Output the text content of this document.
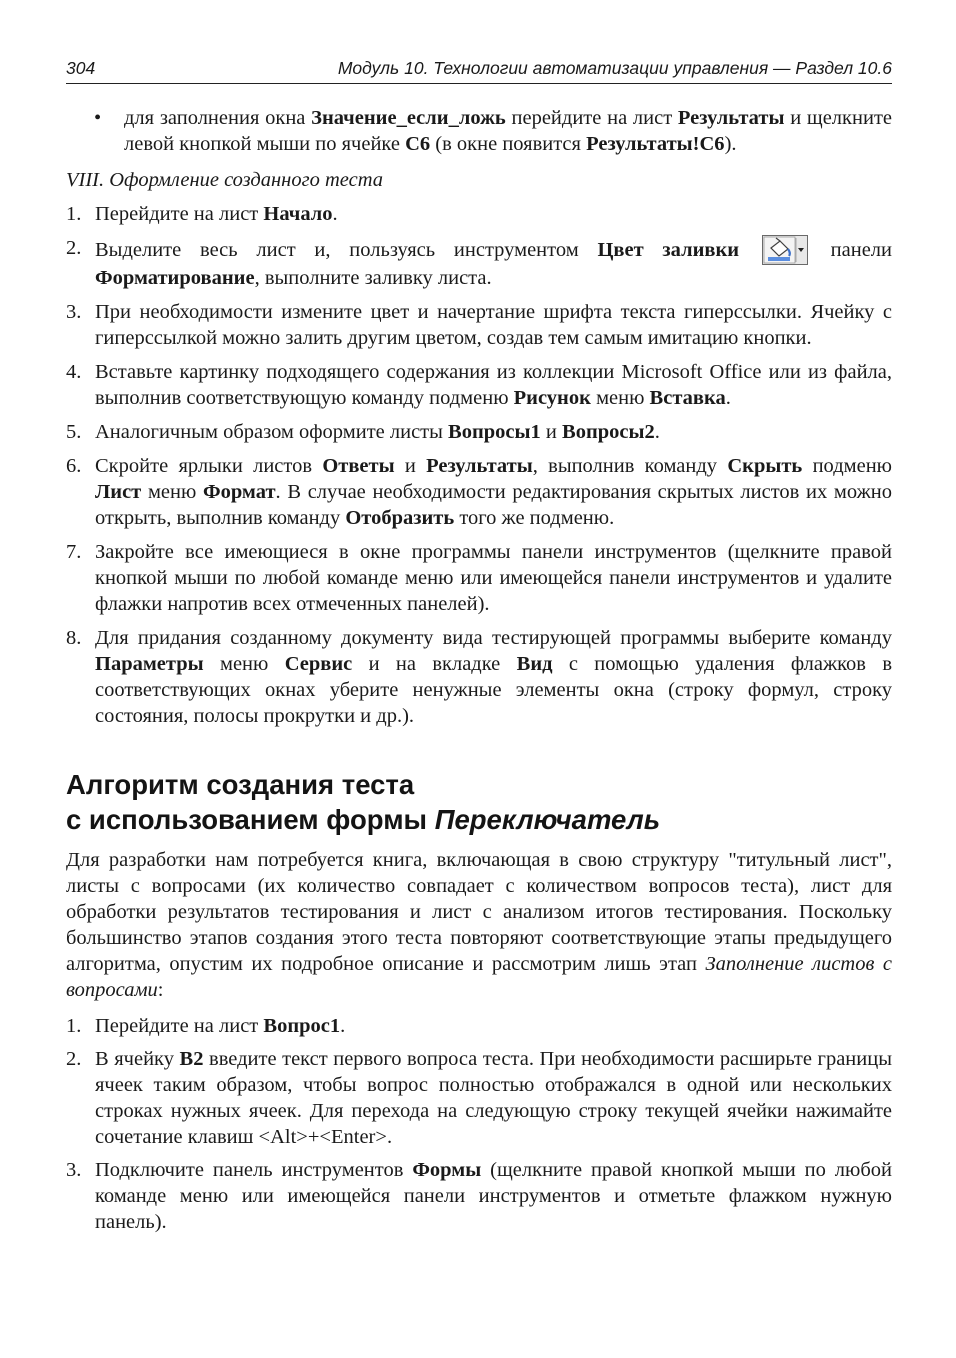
304	Модуль 10. Технологии автоматизации управления — Раздел 10.6
• для заполнения окна Значение_если_ложь перейдите на лист Результаты и щелкните левой кнопкой мыши по ячейке С6 (в окне появится Результаты!С6).

VIII. Оформление созданного теста

1. Перейдите на лист Начало.
2. Выделите весь лист и, пользуясь инструментом Цвет заливки	панели Форматирование, выполните заливку листа.
3. При необходимости измените цвет и начертание шрифта текста гиперссылки. Ячейку с гиперссылкой можно залить другим цветом, создав тем самым имитацию кнопки.
4. Вставьте картинку подходящего содержания из коллекции Microsoft Office или из файла, выполнив соответствующую команду подменю Рисунок меню Вставка.
5. Аналогичным образом оформите листы Вопросы1 и Вопросы2.
6. Скройте ярлыки листов Ответы и Результаты, выполнив команду Скрыть подменю Лист меню Формат. В случае необходимости редактирования скрытых листов их можно открыть, выполнив команду Отобразить того же подменю.
7. Закройте все имеющиеся в окне программы панели инструментов (щелкните правой кнопкой мыши по любой команде меню или имеющейся панели инструментов и удалите флажки напротив всех отмеченных панелей).
8. Для придания созданному документу вида тестирующей программы выберите команду Параметры меню Сервис и на вкладке Вид с помощью удаления флажков в соответствующих окнах уберите ненужные элементы окна (строку формул, строку состояния, полосы прокрутки и др.).
Алгоритм создания теста
с использованием формы Переключатель

Для разработки нам потребуется книга, включающая в свою структуру "титульный лист", листы с вопросами (их количество совпадает с количеством вопросов теста), лист для обработки результатов тестирования и лист с анализом итогов тестирования. Поскольку большинство этапов создания этого теста повторяют соответствующие этапы предыдущего алгоритма, опустим их подробное описание и рассмотрим лишь этап Заполнение листов с вопросами:

1. Перейдите на лист Вопрос1.
2. В ячейку B2 введите текст первого вопроса теста. При необходимости расширьте границы ячеек таким образом, чтобы вопрос полностью отображался в одной или нескольких строках нужных ячеек. Для перехода на следующую строку текущей ячейки нажимайте сочетание клавиш <Alt>+<Enter>.
3. Подключите панель инструментов Формы (щелкните правой кнопкой мыши по любой команде меню или имеющейся панели инструментов и отметьте флажком нужную панель).
